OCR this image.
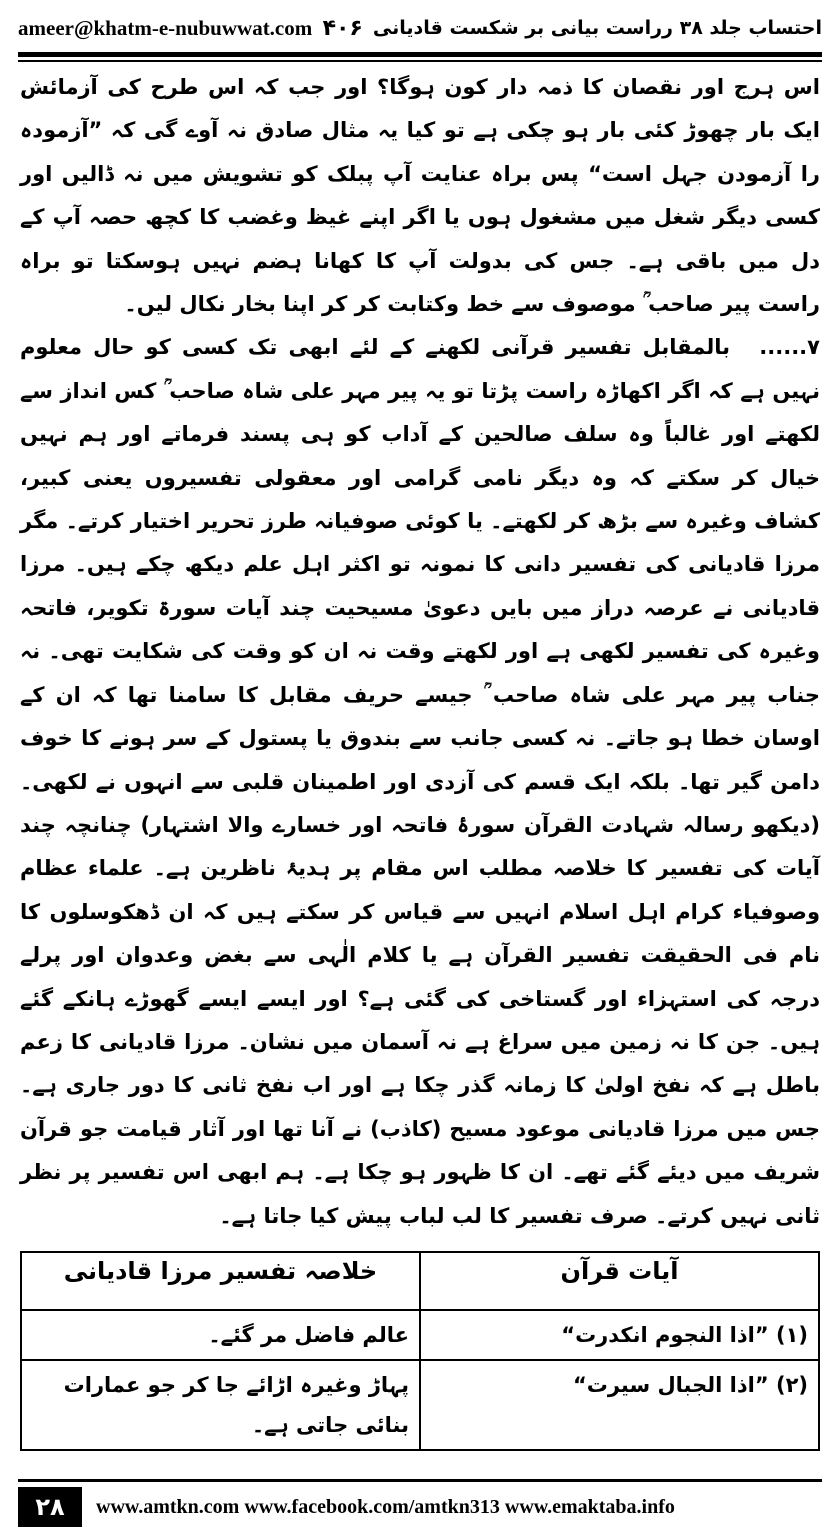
ameer@khatm-e-nubuwwat.com	احتساب جلد ۳۸ رراست بیانی بر شکست قادیانی
۴۰۶

اس ہرج اور نقصان کا ذمہ دار کون ہوگا؟ اور جب کہ اس طرح کی آزمائش ایک بار چھوڑ کئی بار ہو چکی ہے تو کیا یہ مثال صادق نہ آوے گی کہ ”آزمودہ را آزمودن جہل است“ پس براہ عنایت آپ پبلک کو تشویش میں نہ ڈالیں اور کسی دیگر شغل میں مشغول ہوں یا اگر اپنے غیظ وغضب کا کچھ حصہ آپ کے دل میں باقی ہے۔ جس کی بدولت آپ کا کھانا ہضم نہیں ہوسکتا تو براہ راست پیر صاحب ؒ موصوف سے خط وکتابت کر کر اپنا بخار نکال لیں۔

۷......بالمقابل تفسیر قرآنی لکھنے کے لئے ابھی تک کسی کو حال معلوم نہیں ہے کہ اگر اکھاڑہ راست پڑتا تو یہ پیر مہر علی شاہ صاحب ؒ کس انداز سے لکھتے اور غالباً وہ سلف صالحین کے آداب کو ہی پسند فرماتے اور ہم نہیں خیال کر سکتے کہ وہ دیگر نامی گرامی اور معقولی تفسیروں یعنی کبیر، کشاف وغیرہ سے بڑھ کر لکھتے۔ یا کوئی صوفیانہ طرز تحریر اختیار کرتے۔ مگر مرزا قادیانی کی تفسیر دانی کا نمونہ تو اکثر اہل علم دیکھ چکے ہیں۔ مرزا قادیانی نے عرصہ دراز میں بایں دعویٰ مسیحیت چند آیات سورۃ تکویر، فاتحہ وغیرہ کی تفسیر لکھی ہے اور لکھتے وقت نہ ان کو وقت کی شکایت تھی۔ نہ جناب پیر مہر علی شاہ صاحب ؒ جیسے حریف مقابل کا سامنا تھا کہ ان کے اوسان خطا ہو جاتے۔ نہ کسی جانب سے بندوق یا پستول کے سر ہونے کا خوف دامن گیر تھا۔ بلکہ ایک قسم کی آزدی اور اطمینان قلبی سے انہوں نے لکھی۔ (دیکھو رسالہ شہادت القرآن سورۂ فاتحہ اور خسارے والا اشتہار) چنانچہ چند آیات کی تفسیر کا خلاصہ مطلب اس مقام پر ہدیۂ ناظرین ہے۔ علماء عظام وصوفیاء کرام اہل اسلام انہیں سے قیاس کر سکتے ہیں کہ ان ڈھکوسلوں کا نام فی الحقیقت تفسیر القرآن ہے یا کلام الٰہی سے بغض وعدوان اور پرلے درجہ کی استہزاء اور گستاخی کی گئی ہے؟ اور ایسے ایسے گھوڑے ہانکے گئے ہیں۔ جن کا نہ زمین میں سراغ ہے نہ آسمان میں نشان۔ مرزا قادیانی کا زعم باطل ہے کہ نفخ اولیٰ کا زمانہ گذر چکا ہے اور اب نفخ ثانی کا دور جاری ہے۔ جس میں مرزا قادیانی موعود مسیح (کاذب) نے آنا تھا اور آثار قیامت جو قرآن شریف میں دیئے گئے تھے۔ ان کا ظہور ہو چکا ہے۔ ہم ابھی اس تفسیر پر نظر ثانی نہیں کرتے۔ صرف تفسیر کا لب لباب پیش کیا جاتا ہے۔

آیات قرآن	خلاصہ تفسیر مرزا قادیانی
(۱) ”اذا النجوم انکدرت“	عالم فاضل مر گئے۔
(۲) ”اذا الجبال سیرت“	پہاڑ وغیرہ اڑائے جا کر جو عمارات بنائی جاتی ہے۔
۲۸	www.amtkn.com www.facebook.com/amtkn313 www.emaktaba.info
